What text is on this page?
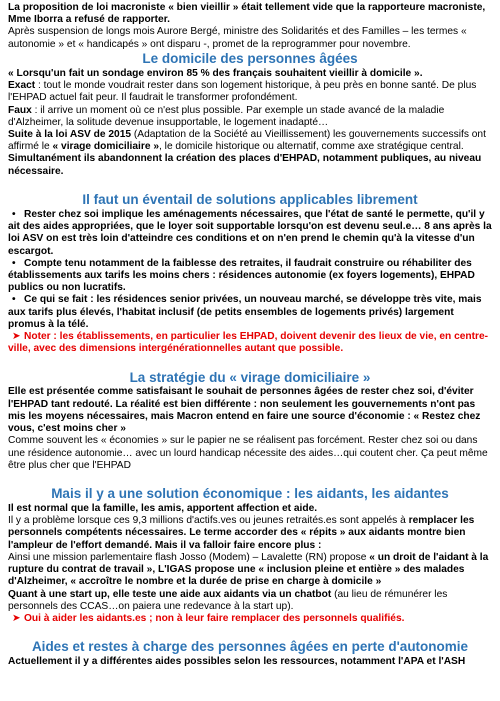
La proposition de loi macroniste « bien vieillir » était tellement vide que la rapporteure macroniste, Mme Iborra a refusé de rapporter.

Après suspension de longs mois Aurore Bergé, ministre des Solidarités et des Familles – les termes « autonomie » et « handicapés » ont disparu -, promet de la reprogrammer pour novembre.

Le domicile des personnes âgées

« Lorsqu'un fait un sondage environ 85 % des français souhaitent vieillir à domicile ».

Exact : tout le monde voudrait rester dans son logement historique, à peu près en bonne santé. De plus l'EHPAD actuel fait peur. Il faudrait le transformer profondément.

Faux : il arrive un moment où ce n'est plus possible. Par exemple un stade avancé de la maladie d'Alzheimer, la solitude devenue insupportable, le logement inadapté…

Suite à la loi ASV de 2015 (Adaptation de la Société au Vieillissement) les gouvernements successifs ont affirmé le « virage domiciliaire », le domicile historique ou alternatif, comme axe stratégique central. Simultanément ils abandonnent la création des places d'EHPAD, notamment publiques, au niveau nécessaire.

Il faut un éventail de solutions applicables librement

• Rester chez soi implique les aménagements nécessaires, que l'état de santé le permette, qu'il y ait des aides appropriées, que le loyer soit supportable lorsqu'on est devenu seul.e… 8 ans après la loi ASV on est très loin d'atteindre ces conditions et on n'en prend le chemin qu'à la vitesse d'un escargot.

• Compte tenu notamment de la faiblesse des retraites, il faudrait construire ou réhabiliter des établissements aux tarifs les moins chers : résidences autonomie (ex foyers logements), EHPAD publics ou non lucratifs.

• Ce qui se fait : les résidences senior privées, un nouveau marché, se développe très vite, mais aux tarifs plus élevés, l'habitat inclusif (de petits ensembles de logements privés) largement promus à la télé.

➤ Noter : les établissements, en particulier les EHPAD, doivent devenir des lieux de vie, en centre-ville, avec des dimensions intergénérationnelles autant que possible.

La stratégie du « virage domiciliaire »

Elle est présentée comme satisfaisant le souhait de personnes âgées de rester chez soi, d'éviter l'EHPAD tant redouté. La réalité est bien différente : non seulement les gouvernements n'ont pas mis les moyens nécessaires, mais Macron entend en faire une source d'économie : « Restez chez vous, c'est moins cher »

Comme souvent les « économies » sur le papier ne se réalisent pas forcément. Rester chez soi ou dans une résidence autonomie… avec un lourd handicap nécessite des aides…qui coutent cher. Ça peut même être plus cher que l'EHPAD

Mais il y a une solution économique : les aidants, les aidantes

Il est normal que la famille, les amis, apportent affection et aide.

Il y a problème lorsque ces 9,3 millions d'actifs.ves ou jeunes retraités.es sont appelés à remplacer les personnels compétents nécessaires. Le terme accorder des « répits » aux aidants montre bien l'ampleur de l'effort demandé. Mais il va falloir faire encore plus :

Ainsi une mission parlementaire flash Josso (Modem) – Lavalette (RN) propose « un droit de l'aidant à la rupture du contrat de travail », L'IGAS propose une « inclusion pleine et entière » des malades d'Alzheimer, « accroître le nombre et la durée de prise en charge à domicile »

Quant à une start up, elle teste une aide aux aidants via un chatbot (au lieu de rémunérer les personnels des CCAS…on paiera une redevance à la start up).

➤ Oui à aider les aidants.es ; non à leur faire remplacer des personnels qualifiés.

Aides et restes à charge des personnes âgées en perte d'autonomie

Actuellement il y a différentes aides possibles selon les ressources, notamment l'APA et l'ASH
